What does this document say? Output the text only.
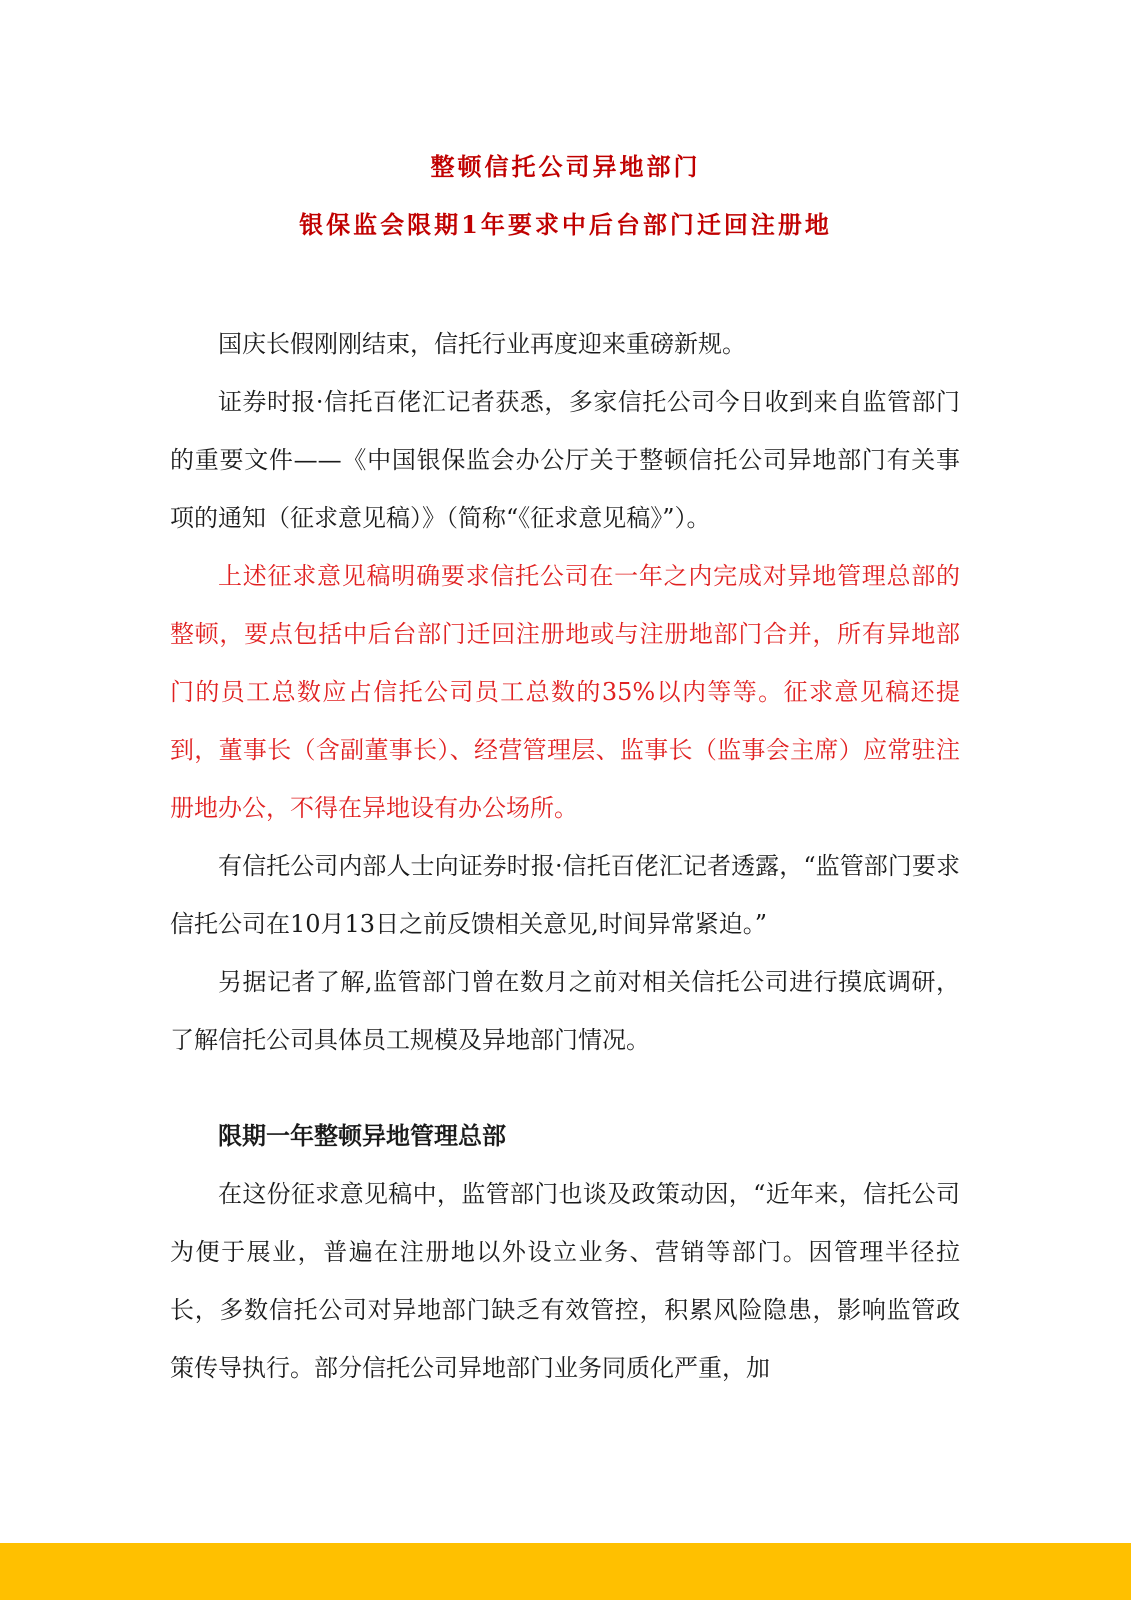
整顿信托公司异地部门
银保监会限期1年要求中后台部门迁回注册地

国庆长假刚刚结束，信托行业再度迎来重磅新规。

证券时报·信托百佬汇记者获悉，多家信托公司今日收到来自监管部门的重要文件——《中国银保监会办公厅关于整顿信托公司异地部门有关事项的通知（征求意见稿）》（简称“《征求意见稿》”）。

上述征求意见稿明确要求信托公司在一年之内完成对异地管理总部的整顿，要点包括中后台部门迁回注册地或与注册地部门合并，所有异地部门的员工总数应占信托公司员工总数的35%以内等等。征求意见稿还提到，董事长（含副董事长）、经营管理层、监事长（监事会主席）应常驻注册地办公，不得在异地设有办公场所。

有信托公司内部人士向证券时报·信托百佬汇记者透露，“监管部门要求信托公司在10月13日之前反馈相关意见,时间异常紧迫。”

另据记者了解,监管部门曾在数月之前对相关信托公司进行摸底调研，了解信托公司具体员工规模及异地部门情况。

限期一年整顿异地管理总部

在这份征求意见稿中，监管部门也谈及政策动因，“近年来，信托公司为便于展业，普遍在注册地以外设立业务、营销等部门。因管理半径拉长，多数信托公司对异地部门缺乏有效管控，积累风险隐患，影响监管政策传导执行。部分信托公司异地部门业务同质化严重，加
